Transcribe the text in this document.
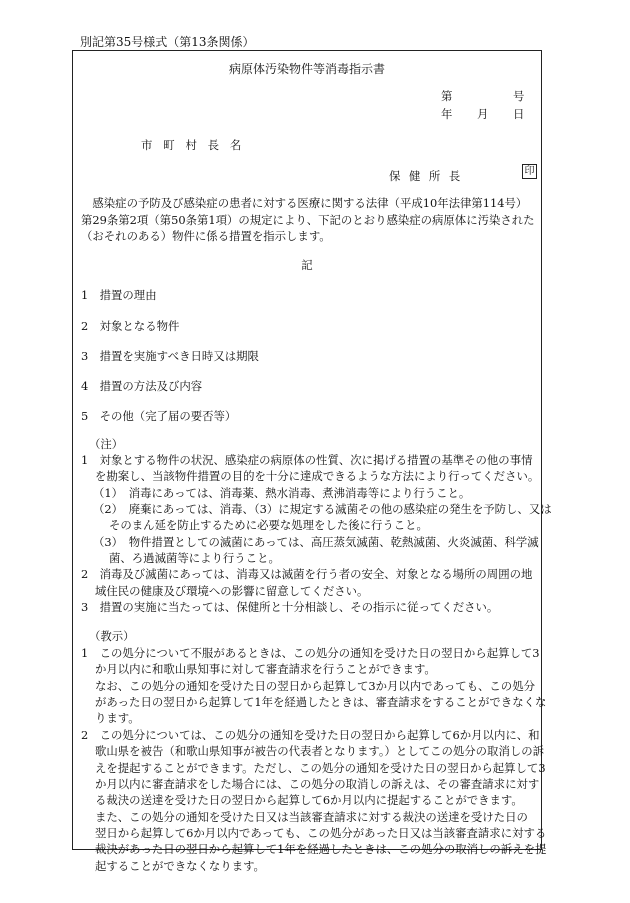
別記第35号様式（第13条関係）
病原体汚染物件等消毒指示書
第	号
年 月 日
市町村長名
保健所長	印

感染症の予防及び感染症の患者に対する医療に関する法律（平成10年法律第114号）第29条第2項（第50条第1項）の規定により、下記のとおり感染症の病原体に汚染された（おそれのある）物件に係る措置を指示します。

記
1　措置の理由
2　対象となる物件
3　措置を実施すべき日時又は期限
4　措置の方法及び内容
5　その他（完了届の要否等）
（注）
1　対象とする物件の状況、感染症の病原体の性質、次に掲げる措置の基準その他の事情
を勘案し、当該物件措置の目的を十分に達成できるような方法により行ってください。
（1）　消毒にあっては、消毒薬、熱水消毒、煮沸消毒等により行うこと。
（2）　廃棄にあっては、消毒、（3）に規定する滅菌その他の感染症の発生を予防し、又は
そのまん延を防止するために必要な処理をした後に行うこと。
（3）　物件措置としての滅菌にあっては、高圧蒸気滅菌、乾熱滅菌、火炎滅菌、科学滅
菌、ろ過滅菌等により行うこと。
2　消毒及び滅菌にあっては、消毒又は滅菌を行う者の安全、対象となる場所の周囲の地
域住民の健康及び環境への影響に留意してください。
3　措置の実施に当たっては、保健所と十分相談し、その指示に従ってください。
（教示）
1　この処分について不服があるときは、この処分の通知を受けた日の翌日から起算して3
か月以内に和歌山県知事に対して審査請求を行うことができます。
なお、この処分の通知を受けた日の翌日から起算して3か月以内であっても、この処分
があった日の翌日から起算して1年を経過したときは、審査請求をすることができなくな
ります。
2　この処分については、この処分の通知を受けた日の翌日から起算して6か月以内に、和
歌山県を被告（和歌山県知事が被告の代表者となります。）としてこの処分の取消しの訴
えを提起することができます。ただし、この処分の通知を受けた日の翌日から起算して3
か月以内に審査請求をした場合には、この処分の取消しの訴えは、その審査請求に対す
る裁決の送達を受けた日の翌日から起算して6か月以内に提起することができます。
また、この処分の通知を受けた日又は当該審査請求に対する裁決の送達を受けた日の
翌日から起算して6か月以内であっても、この処分があった日又は当該審査請求に対する
裁決があった日の翌日から起算して1年を経過したときは、この処分の取消しの訴えを提
起することができなくなります。
